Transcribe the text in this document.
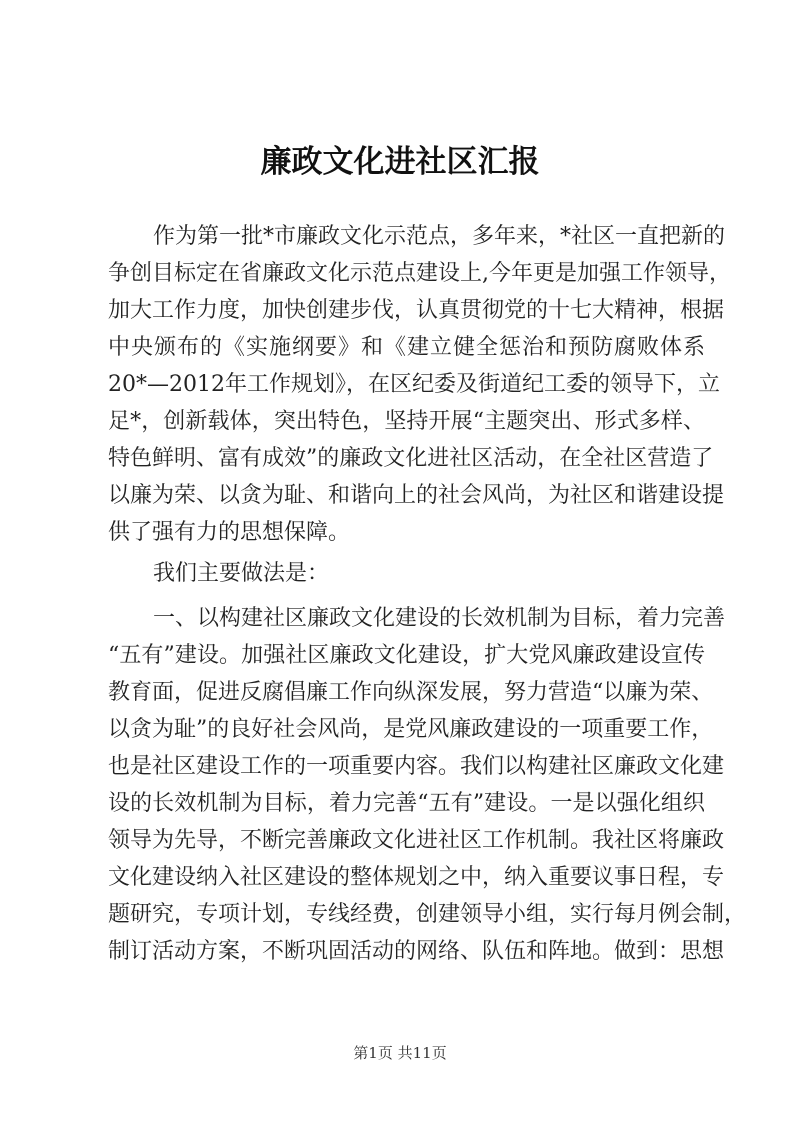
廉政文化进社区汇报
作为第一批*市廉政文化示范点，多年来，*社区一直把新的
争创目标定在省廉政文化示范点建设上,今年更是加强工作领导，
加大工作力度，加快创建步伐，认真贯彻党的十七大精神，根据
中央颁布的《实施纲要》和《建立健全惩治和预防腐败体系
20*—2012年工作规划》，在区纪委及街道纪工委的领导下，立
足*，创新载体，突出特色，坚持开展“主题突出、形式多样、
特色鲜明、富有成效”的廉政文化进社区活动，在全社区营造了
以廉为荣、以贪为耻、和谐向上的社会风尚，为社区和谐建设提
供了强有力的思想保障。
我们主要做法是：
一、以构建社区廉政文化建设的长效机制为目标，着力完善
“五有”建设。加强社区廉政文化建设，扩大党风廉政建设宣传
教育面，促进反腐倡廉工作向纵深发展，努力营造“以廉为荣、
以贪为耻”的良好社会风尚，是党风廉政建设的一项重要工作，
也是社区建设工作的一项重要内容。我们以构建社区廉政文化建
设的长效机制为目标，着力完善“五有”建设。一是以强化组织
领导为先导，不断完善廉政文化进社区工作机制。我社区将廉政
文化建设纳入社区建设的整体规划之中，纳入重要议事日程，专
题研究，专项计划，专线经费，创建领导小组，实行每月例会制，
制订活动方案，不断巩固活动的网络、队伍和阵地。做到：思想
第1页 共11页
